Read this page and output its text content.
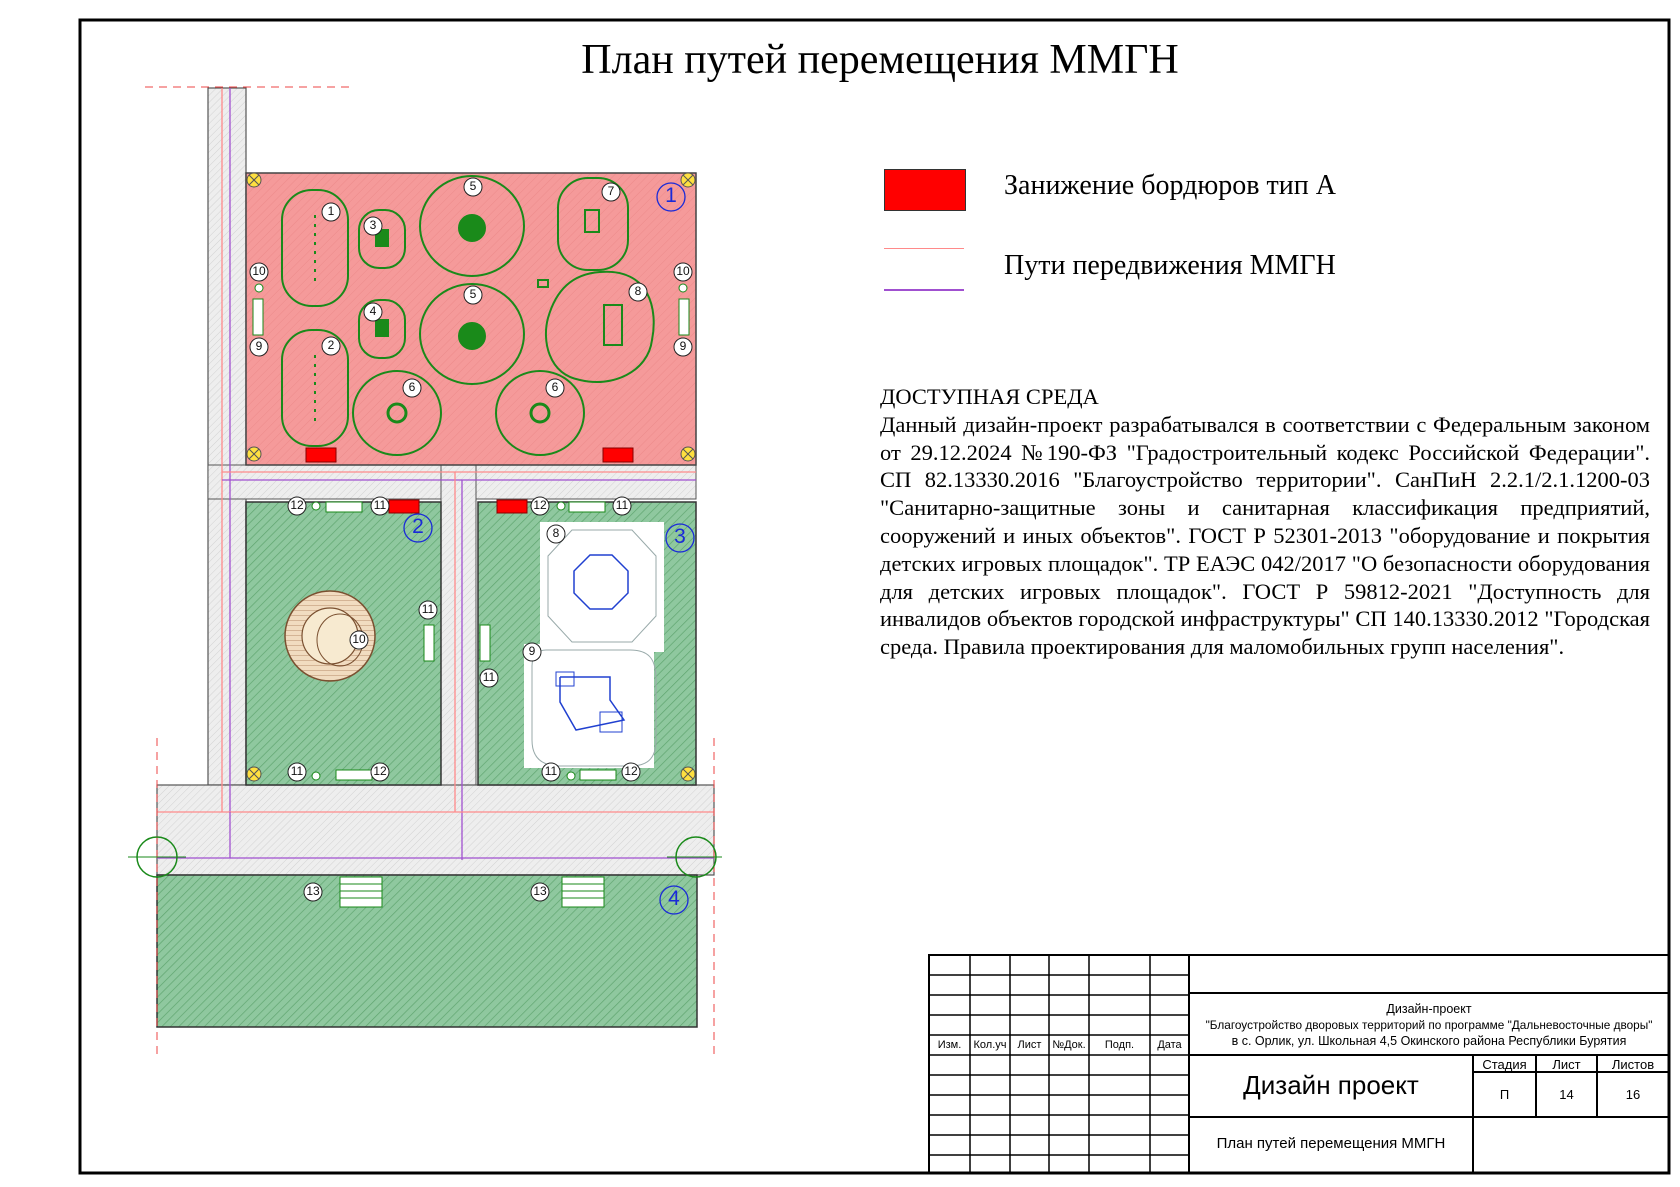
1
2	3
4
1
2
3
4
5
5
6	6
7
8
9	9
10	10
12	11	12	11
8
11
10
11
9
11	12	11	12
13	13
План путей перемещения ММГН
Занижение бордюров тип А
Пути передвижения ММГН
ДОСТУПНАЯ СРЕДА
Данный дизайн-проект разрабатывался в соответствии с Федеральным законом от 29.12.2024 №190-ФЗ "Градостроительный кодекс Российской Федерации". СП 82.13330.2016 "Благоустройство территории". СанПиН 2.2.1/2.1.1200-03 "Санитарно-защитные зоны и санитарная классификация предприятий, сооружений и иных объектов". ГОСТ Р 52301-2013 "оборудование и покрытия детских игровых площадок". ТР ЕАЭС 042/2017 "О безопасности оборудования для детских игровых площадок". ГОСТ Р 59812-2021 "Доступность для инвалидов объектов городской инфраструктуры" СП 140.13330.2012 "Городская среда. Правила проектирования для маломобильных групп населения".
Изм.	Кол.уч	Лист №Док.	Подп.	Дата
Дизайн-проект
"Благоустройство дворовых территорий по программе "Дальневосточные дворы"
в с. Орлик, ул. Школьная 4,5 Окинского района Республики Бурятия
Дизайн проект
Стадия	Лист	Листов
П	14	16
План путей перемещения ММГН
